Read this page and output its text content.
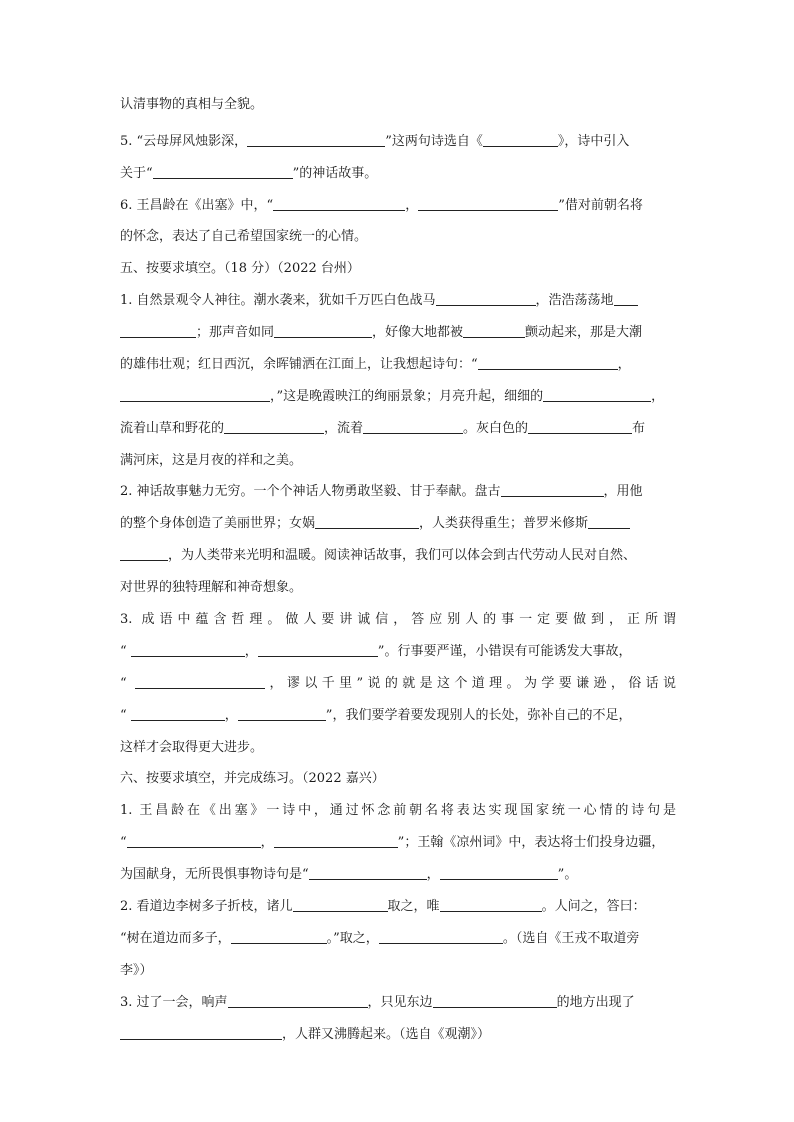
认清事物的真相与全貌。
5. “云母屏风烛影深，	”这两句诗选自《	》，诗中引入
关于“	”的神话故事。
6. 王昌龄在《出塞》中，“	，	”借对前朝名将
的怀念，表达了自己希望国家统一的心情。
五、按要求填空。（18 分）（2022 台州）
1. 自然景观令人神往。潮水袭来，犹如千万匹白色战马	，浩浩荡荡地
；那声音如同	，好像大地都被	颤动起来，那是大潮
的雄伟壮观；红日西沉，余晖铺洒在江面上，让我想起诗句：“	，
，”这是晚霞映江的绚丽景象；月亮升起，细细的	，
流着山草和野花的	，流着	。灰白色的	布
满河床，这是月夜的祥和之美。
2. 神话故事魅力无穷。一个个神话人物勇敢坚毅、甘于奉献。盘古	，用他
的整个身体创造了美丽世界；女娲	，人类获得重生；普罗米修斯
，为人类带来光明和温暖。阅读神话故事，我们可以体会到古代劳动人民对自然、
对世界的独特理解和神奇想象。
3. 成语中蕴含哲理。做人要讲诚信，答应别人的事一定要做到，正所谓
“	，	”。行事要严谨，小错误有可能诱发大事故，
“	，谬以千里”说的就是这个道理。为学要谦逊，俗话说
“	，	”，我们要学着要发现别人的长处，弥补自己的不足，
这样才会取得更大进步。
六、按要求填空，并完成练习。（2022 嘉兴）
1. 王昌龄在《出塞》一诗中，通过怀念前朝名将表达实现国家统一心情的诗句是
“	，	”；王翰《凉州词》中，表达将士们投身边疆，
为国献身，无所畏惧事物诗句是“	，	”。
2. 看道边李树多子折枝，诸儿	取之，唯	。人问之，答曰：
“树在道边而多子，	。”取之，	。（选自《王戎不取道旁
李》）
3. 过了一会，响声	，只见东边	的地方出现了
，人群又沸腾起来。（选自《观潮》）
